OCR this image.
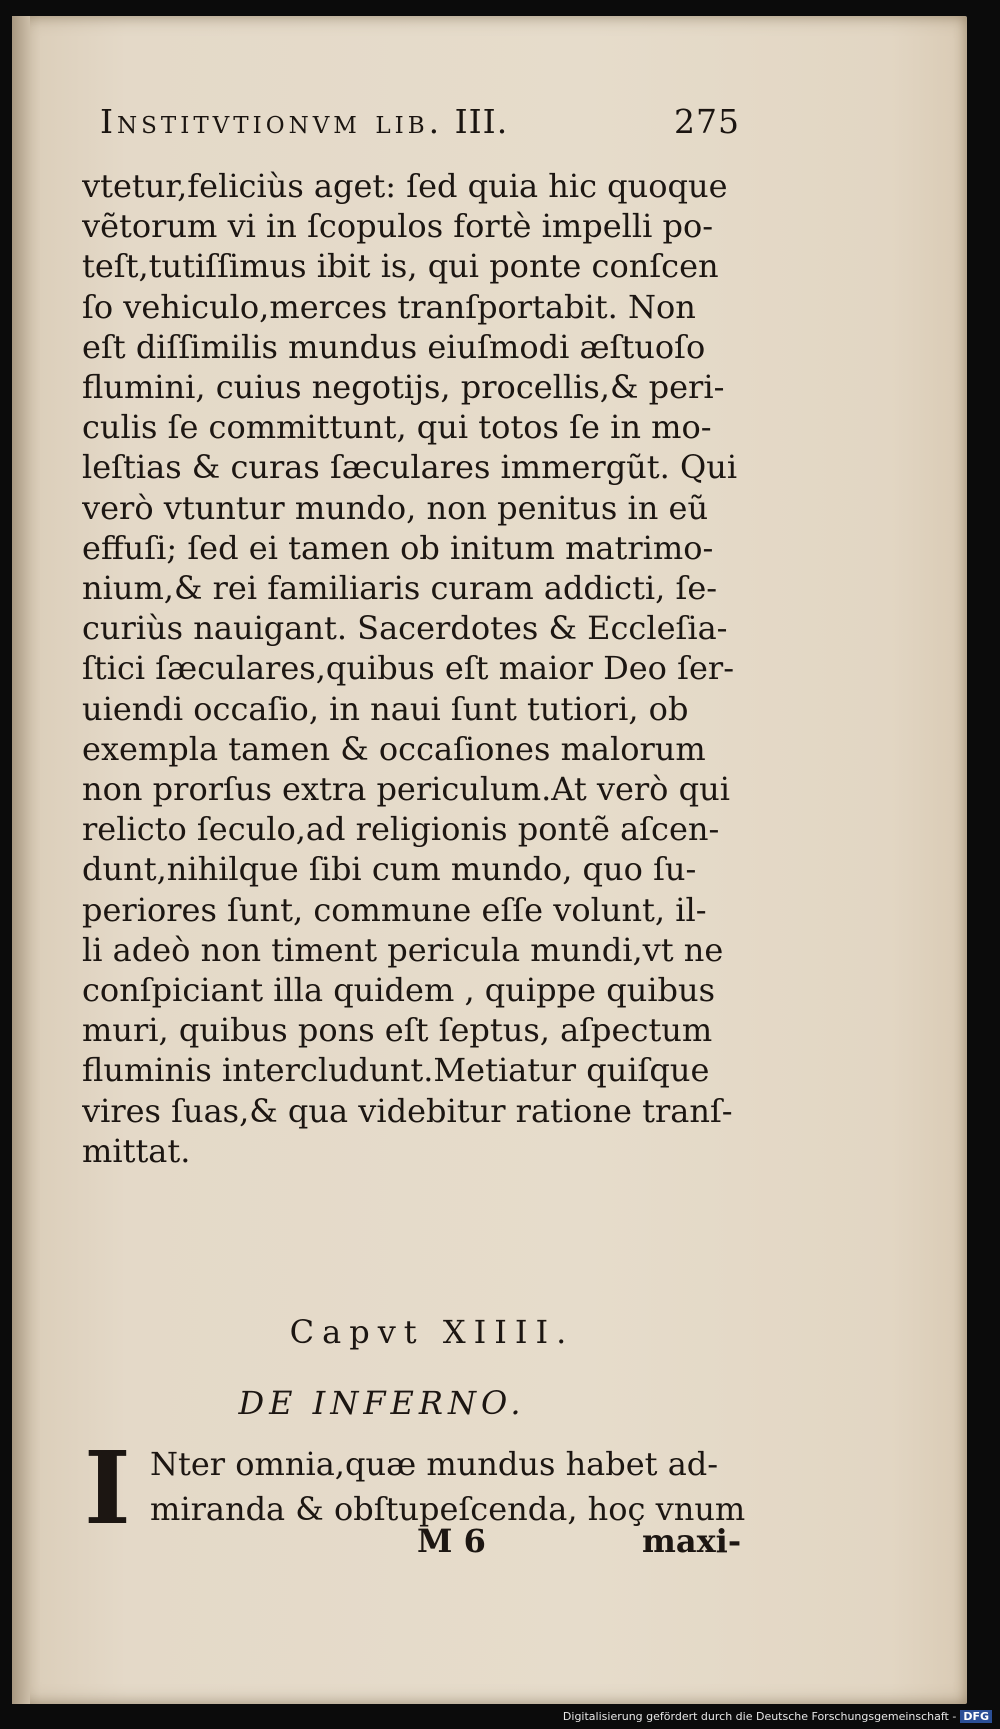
Institvtionvm lib. III.	275
vtetur,feliciùs aget: ſed quia hic quoque
vẽtorum vi in ſcopulos fortè impelli po-
teſt,tutiſſimus ibit is, qui ponte conſcen
ſo vehiculo,merces tranſportabit. Non
eſt diſſimilis mundus eiuſmodi æſtuoſo
flumini, cuius negotijs, procellis,& peri-
culis ſe committunt, qui totos ſe in mo-
leſtias & curas ſæculares immergũt. Qui
verò vtuntur mundo, non penitus in eũ
effuſi; ſed ei tamen ob initum matrimo-
nium,& rei familiaris curam addicti, ſe-
curiùs nauigant. Sacerdotes & Eccleſia-
ſtici ſæculares,quibus eſt maior Deo ſer-
uiendi occaſio, in naui ſunt tutiori, ob
exempla tamen & occaſiones malorum
non prorſus extra periculum.At verò qui
relicto ſeculo,ad religionis pontẽ aſcen-
dunt,nihilque ſibi cum mundo, quo ſu-
periores ſunt, commune eſſe volunt, il-
li adeò non timent pericula mundi,vt ne
conſpiciant illa quidem , quippe quibus
muri, quibus pons eſt ſeptus, aſpectum
fluminis intercludunt.Metiatur quiſque
vires ſuas,& qua videbitur ratione tranſ-
mittat.
Capvt XIIII.
DE INFERNO.
I Nter omnia,quæ mundus habet ad-
miranda & obſtupeſcenda, hoç vnum
M 6	maxi-
Digitalisierung gefördert durch die Deutsche Forschungsgemeinschaft - DFG
